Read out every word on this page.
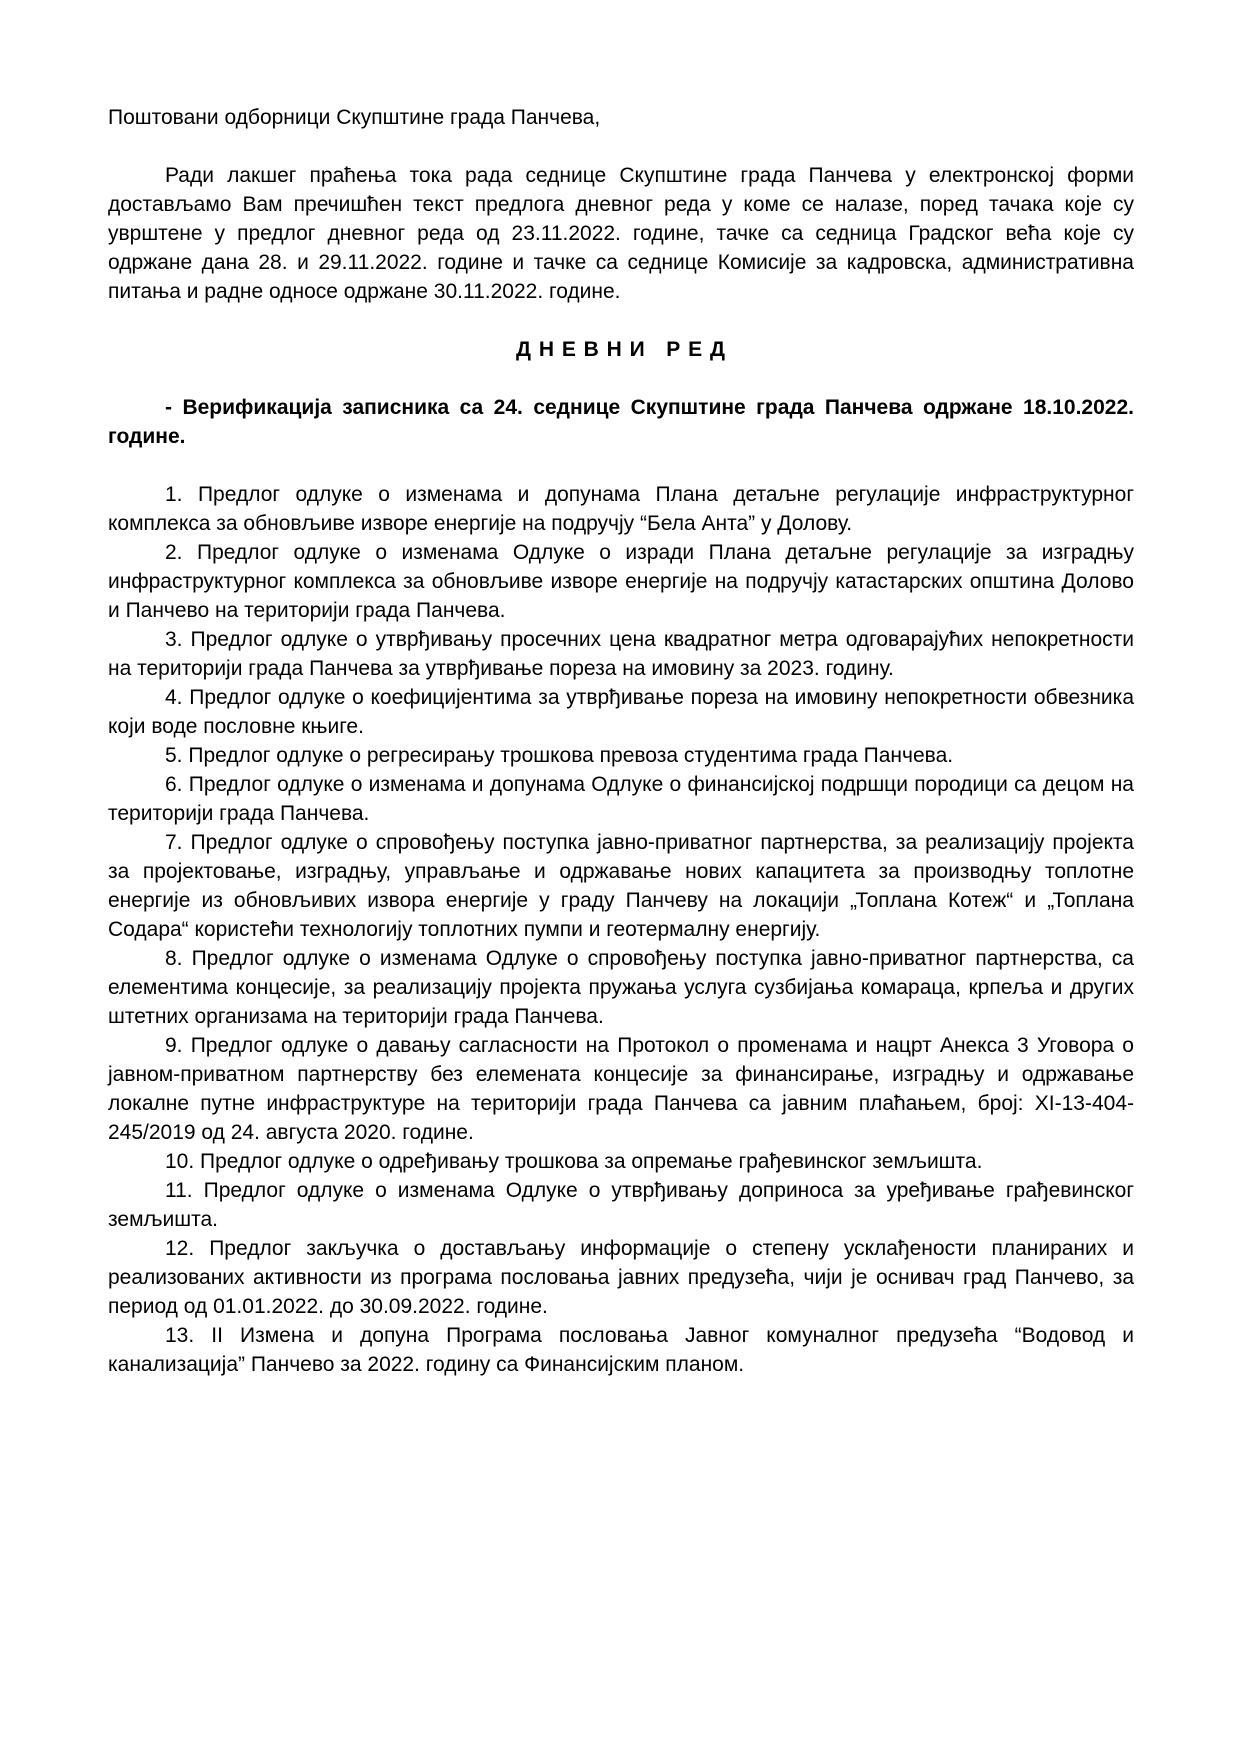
Поштовани одборници Скупштине града Панчева,

Ради лакшег праћења тока рада седнице Скупштине града Панчева у електронској форми достављамо Вам пречишћен текст предлога дневног реда у коме се налазе, поред тачака које су уврштене у предлог дневног реда од 23.11.2022. године, тачке са седница Градског већа које су одржане дана 28. и 29.11.2022. године и тачке са седнице Комисије за кадровска, административна питања и радне односе одржане 30.11.2022. године.

Д Н Е В Н И   Р Е Д

- Верификација записника са 24. седнице Скупштине града Панчева одржане 18.10.2022. године.

1. Предлог одлуке о изменама и допунама Плана детаљне регулације инфраструктурног комплекса за обновљиве изворе енергије на подручју “Бела Анта” у Долову.

2. Предлог одлуке о изменама Одлуке о изради Плана детаљне регулације за изградњу инфраструктурног комплекса за обновљиве изворе енергије на подручју катастарских општина Долово и Панчево на територији града Панчева.

3. Предлог одлуке о утврђивању просечних цена квадратног метра одговарајућих непокретности на територији града Панчева за утврђивање пореза на имовину за 2023. годину.

4. Предлог одлуке о коефицијентима за утврђивање пореза на имовину непокретности обвезника који воде пословне књиге.

5. Предлог одлуке о регресирању трошкова превоза студентима града Панчева.

6. Предлог одлуке о изменама и допунама Одлуке о финансијској подршци породици са децом на територији града Панчева.

7. Предлог одлуке о спровођењу поступка јавно-приватног партнерства, за реализацију пројекта за пројектовање, изградњу, управљање и одржавање нових капацитета за производњу топлотне енергије из обновљивих извора енергије у граду Панчеву на локацији „Топлана Котеж“ и „Топлана Содара“ користећи технологију топлотних пумпи и геотермалну енергију.

8. Предлог одлуке о изменама Одлуке о спровођењу поступка јавно-приватног партнерства, са елементима концесије, за реализацију пројекта пружања услуга сузбијања комараца, крпеља и других штетних организама на територији града Панчева.

9. Предлог одлуке о давању сагласности на Протокол о променама и нацрт Анекса 3 Уговора о јавном-приватном партнерству без елемената концесије за финансирање, изградњу и одржавање локалне путне инфраструктуре на територији града Панчева са јавним плаћањем, број: XI-13-404-245/2019 од 24. августа 2020. године.

10. Предлог одлуке о одређивању трошкова за опремање грађевинског земљишта.

11. Предлог одлуке о изменама Одлуке о утврђивању доприноса за уређивање грађевинског земљишта.

12. Предлог закључка о достављању информације о степену усклађености планираних и реализованих активности из програма пословања јавних предузећа, чији је оснивач град Панчево, за период од 01.01.2022. до 30.09.2022. године.

13. II Измена и допуна Програма пословања Јавног комуналног предузећа “Водовод и канализација” Панчево за 2022. годину са Финансијским планом.
